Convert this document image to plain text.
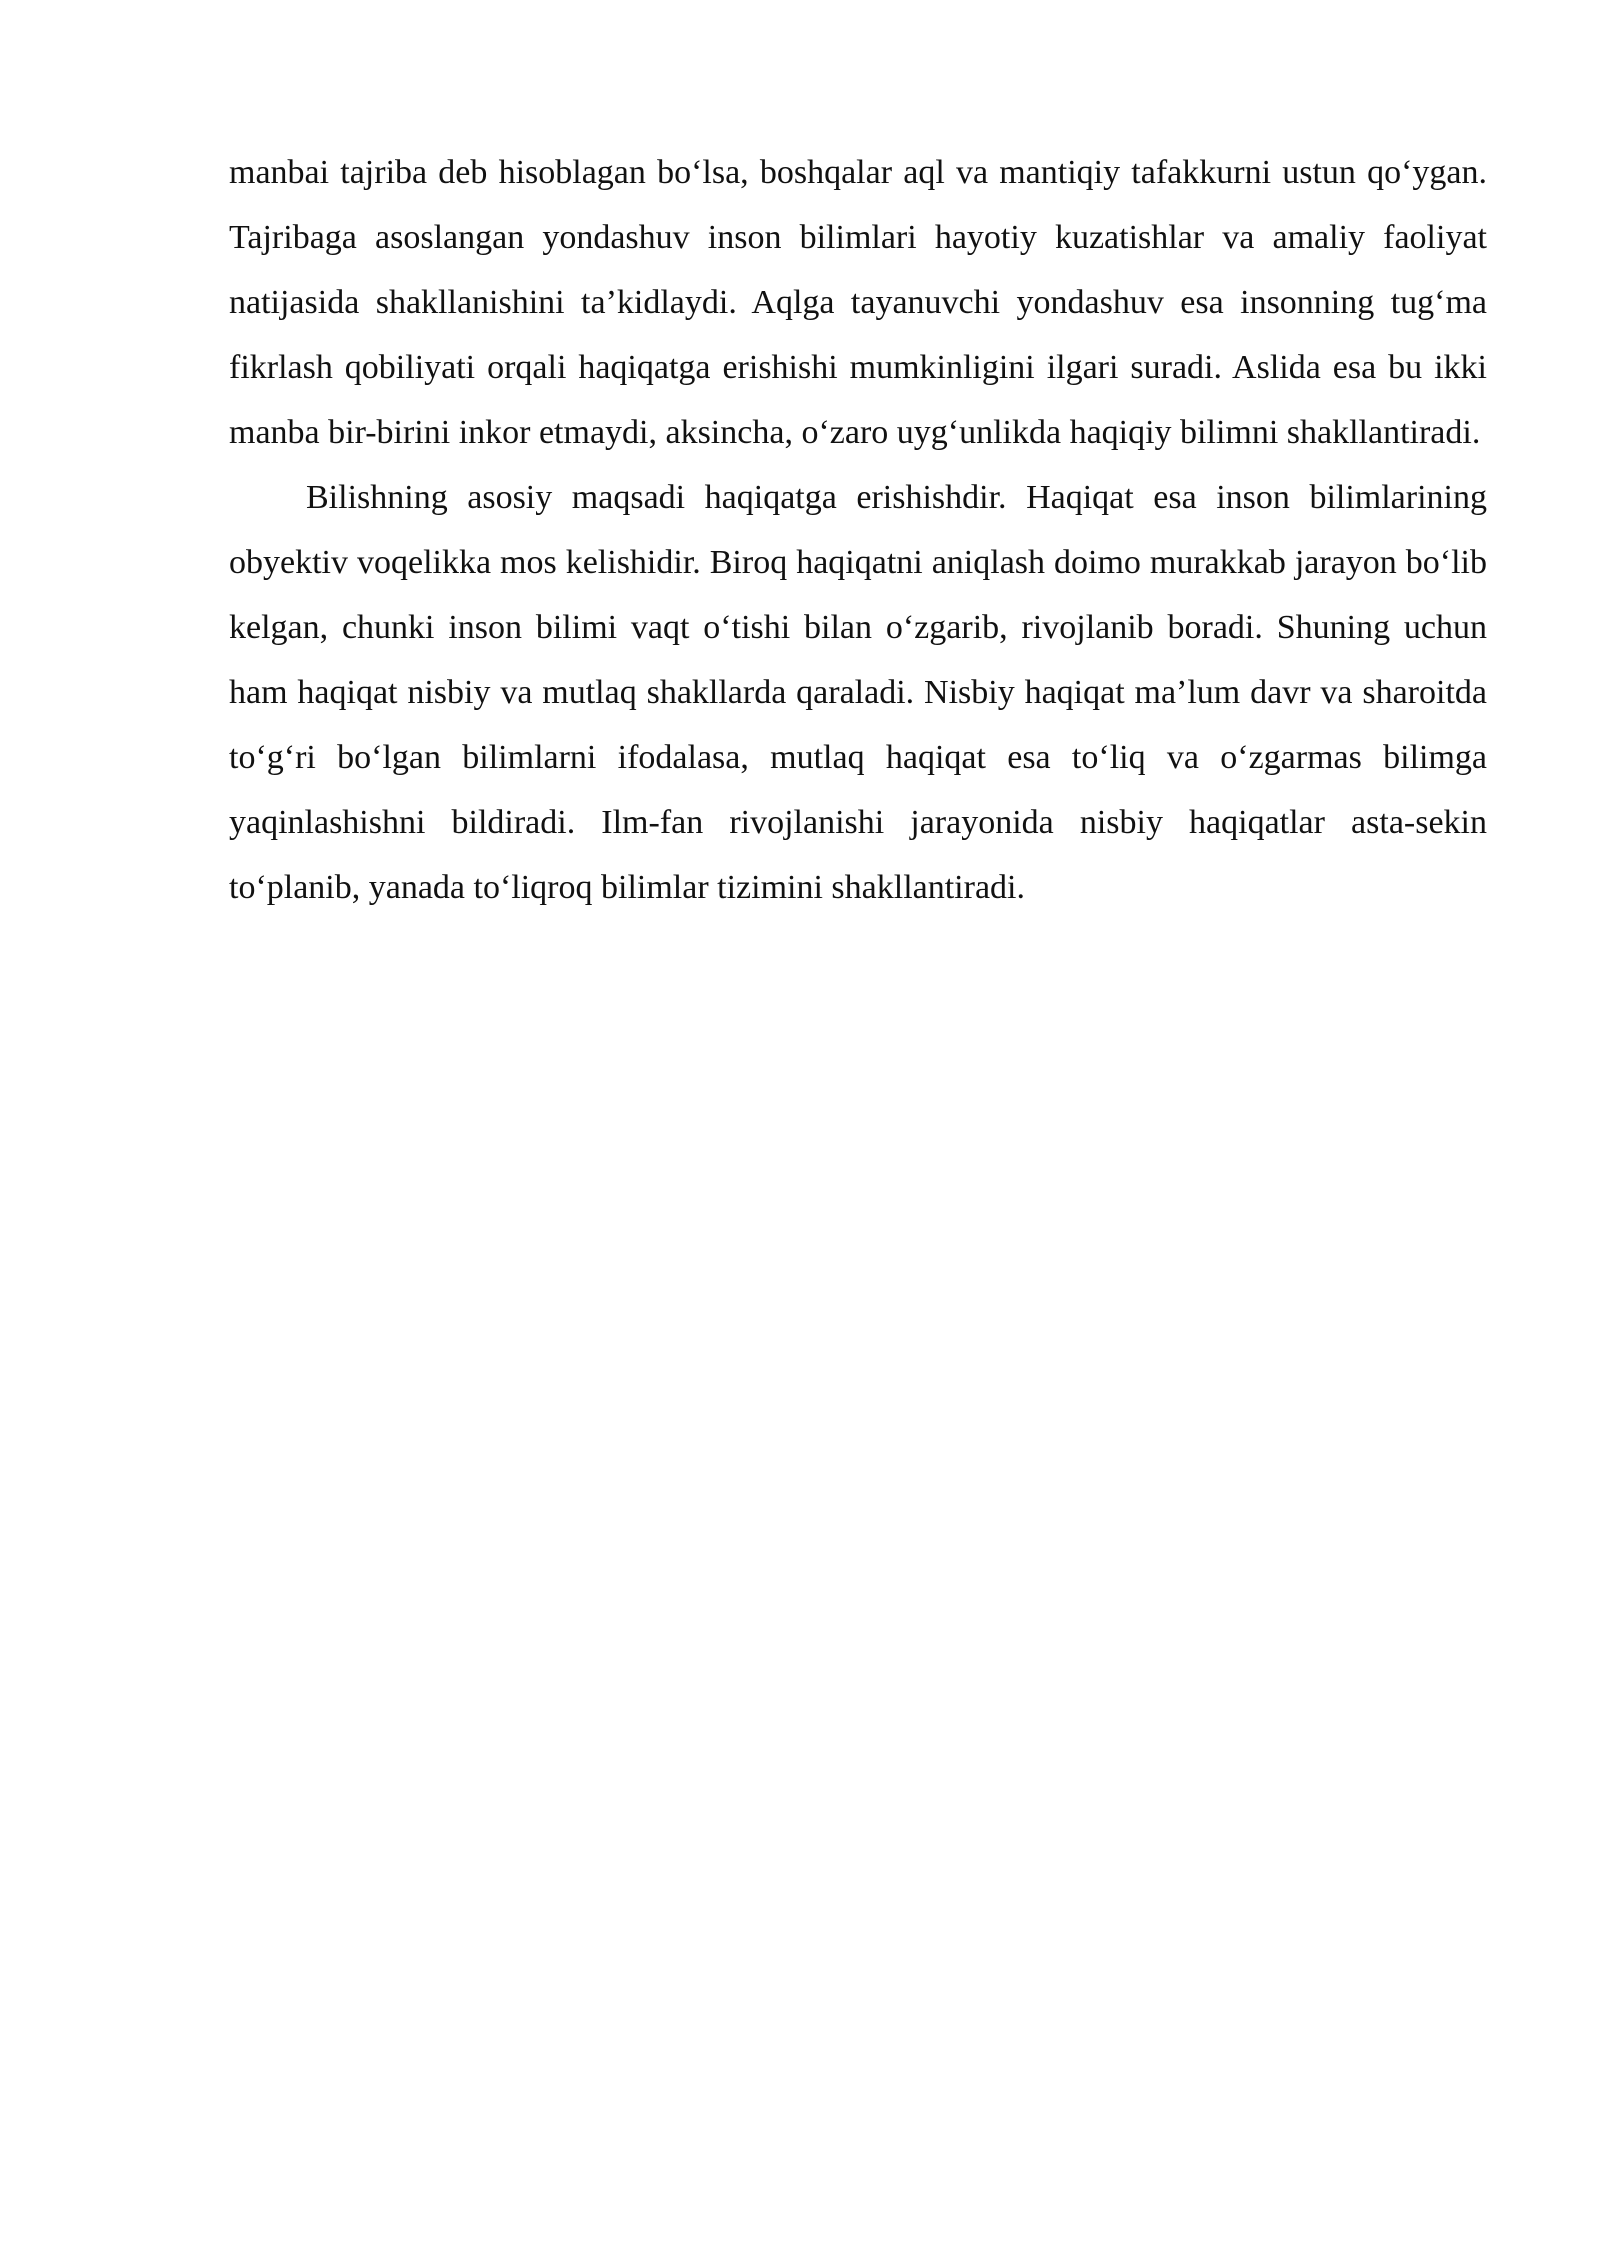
manbai tajriba deb hisoblagan bo‘lsa, boshqalar aql va mantiqiy tafakkurni ustun qo‘ygan. Tajribaga asoslangan yondashuv inson bilimlari hayotiy kuzatishlar va amaliy faoliyat natijasida shakllanishini ta’kidlaydi. Aqlga tayanuvchi yondashuv esa insonning tug‘ma fikrlash qobiliyati orqali haqiqatga erishishi mumkinligini ilgari suradi. Aslida esa bu ikki manba bir-birini inkor etmaydi, aksincha, o‘zaro uyg‘unlikda haqiqiy bilimni shakllantiradi.

Bilishning asosiy maqsadi haqiqatga erishishdir. Haqiqat esa inson bilimlarining obyektiv voqelikka mos kelishidir. Biroq haqiqatni aniqlash doimo murakkab jarayon bo‘lib kelgan, chunki inson bilimi vaqt o‘tishi bilan o‘zgarib, rivojlanib boradi. Shuning uchun ham haqiqat nisbiy va mutlaq shakllarda qaraladi. Nisbiy haqiqat ma’lum davr va sharoitda to‘g‘ri bo‘lgan bilimlarni ifodalasa, mutlaq haqiqat esa to‘liq va o‘zgarmas bilimga yaqinlashishni bildiradi. Ilm-fan rivojlanishi jarayonida nisbiy haqiqatlar asta-sekin to‘planib, yanada to‘liqroq bilimlar tizimini shakllantiradi.
